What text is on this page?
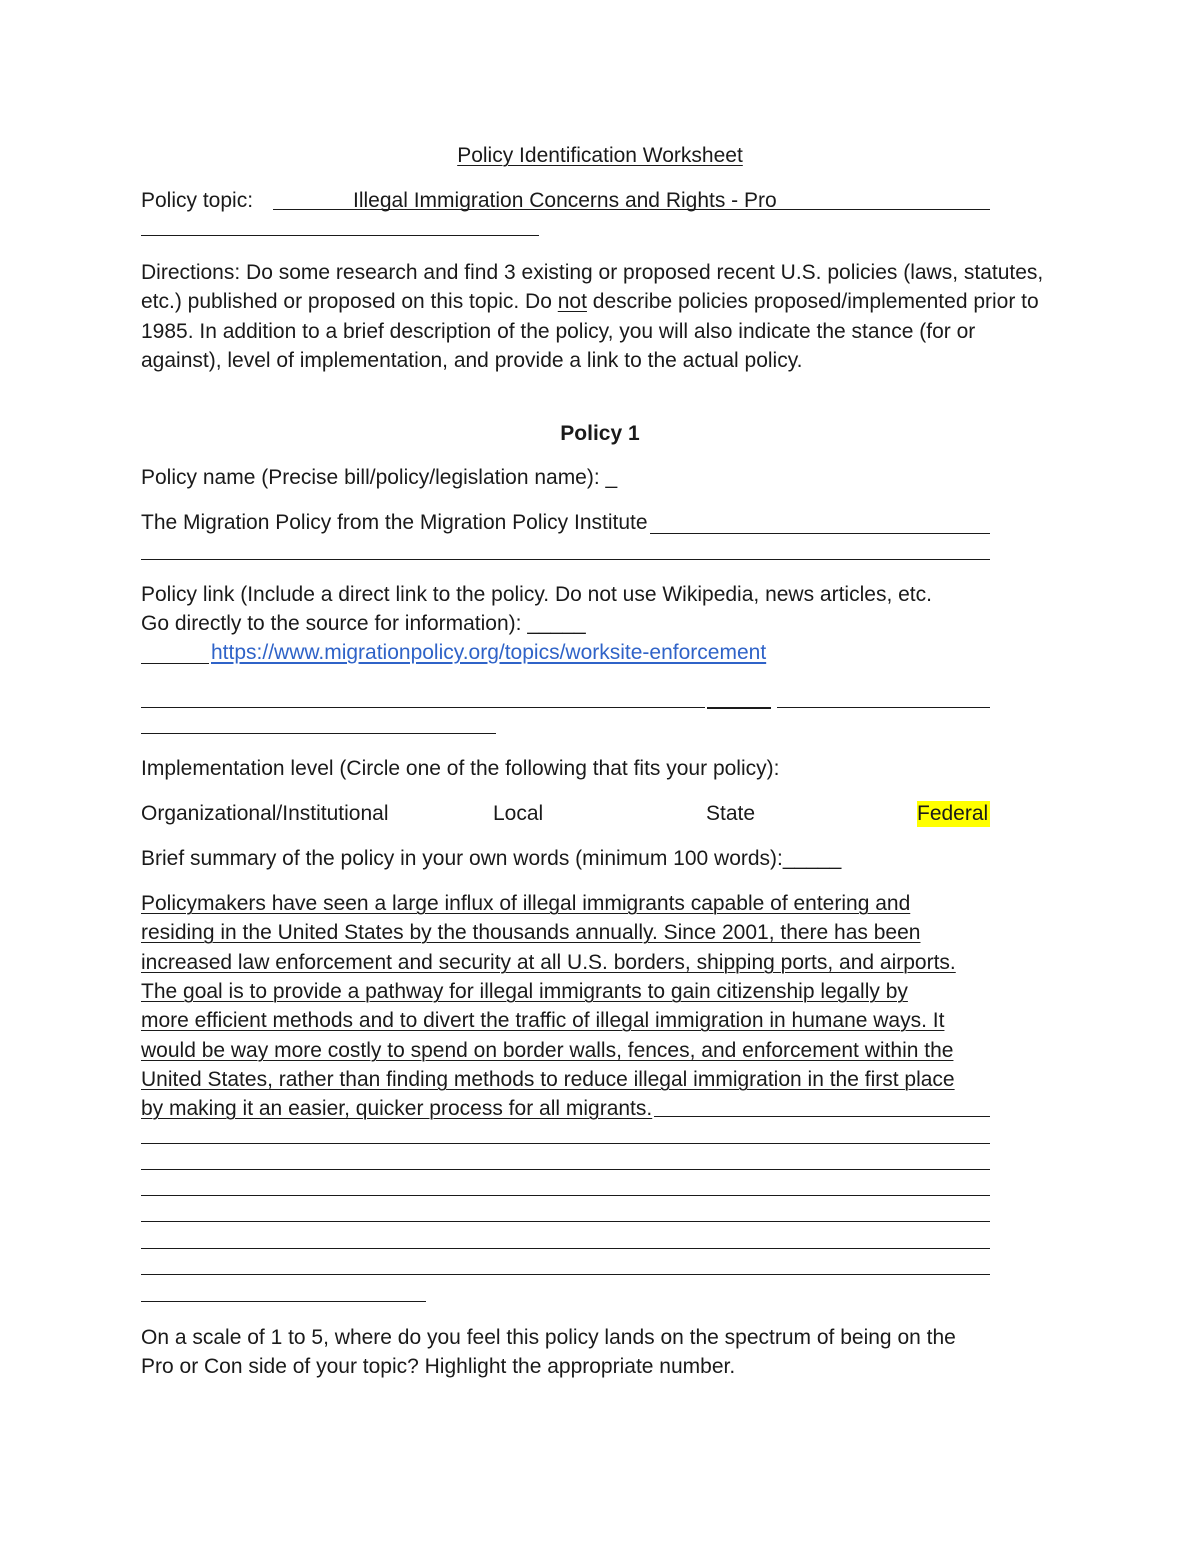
Policy Identification Worksheet
Policy topic:	Illegal Immigration Concerns and Rights - Pro
Directions: Do some research and find 3 existing or proposed recent U.S. policies (laws, statutes, etc.) published or proposed on this topic. Do not describe policies proposed/implemented prior to 1985. In addition to a brief description of the policy, you will also indicate the stance (for or against), level of implementation, and provide a link to the actual policy.
Policy 1
Policy name (Precise bill/policy/legislation name): _
The Migration Policy from the Migration Policy Institute
Policy link (Include a direct link to the policy. Do not use Wikipedia, news articles, etc.
Go directly to the source for information): _____
https://www.migrationpolicy.org/topics/worksite-enforcement
Implementation level (Circle one of the following that fits your policy):
Organizational/Institutional	Local	State	Federal
Brief summary of the policy in your own words (minimum 100 words):_____
Policymakers have seen a large influx of illegal immigrants capable of entering and
residing in the United States by the thousands annually. Since 2001, there has been
increased law enforcement and security at all U.S. borders, shipping ports, and airports.
The goal is to provide a pathway for illegal immigrants to gain citizenship legally by
more efficient methods and to divert the traffic of illegal immigration in humane ways. It
would be way more costly to spend on border walls, fences, and enforcement within the
United States, rather than finding methods to reduce illegal immigration in the first place
by making it an easier, quicker process for all migrants.
On a scale of 1 to 5, where do you feel this policy lands on the spectrum of being on the
Pro or Con side of your topic? Highlight the appropriate number.
